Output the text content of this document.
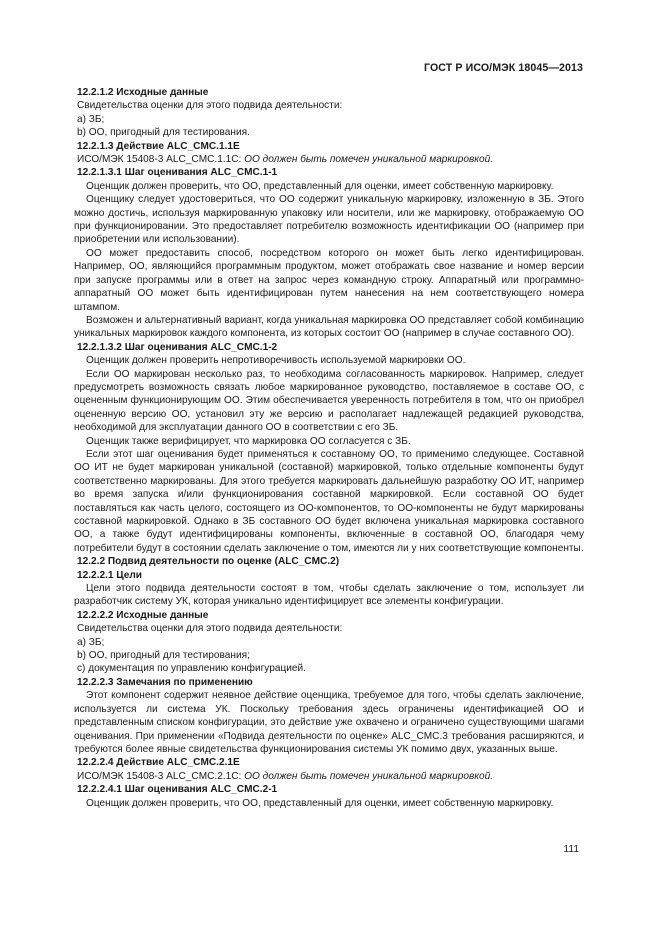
ГОСТ Р ИСО/МЭК 18045—2013

12.2.1.2 Исходные данные

Свидетельства оценки для этого подвида деятельности:

a) ЗБ;

b) ОО, пригодный для тестирования.

12.2.1.3 Действие ALC_CMC.1.1E

ИСО/МЭК 15408-3 ALC_CMC.1.1C: ОО должен быть помечен уникальной маркировкой.

12.2.1.3.1 Шаг оценивания ALC_CMC.1-1

Оценщик должен проверить, что ОО, представленный для оценки, имеет собственную маркировку.

Оценщику следует удостовериться, что ОО содержит уникальную маркировку, изложенную в ЗБ. Этого можно достичь, используя маркированную упаковку или носители, или же маркировку, отображаемую ОО при функционировании. Это предоставляет потребителю возможность идентификации ОО (например при приобретении или использовании).

ОО может предоставить способ, посредством которого он может быть легко идентифицирован. Например, ОО, являющийся программным продуктом, может отображать свое название и номер версии при запуске программы или в ответ на запрос через командную строку. Аппаратный или программно-аппаратный ОО может быть идентифицирован путем нанесения на нем соответствующего номера штампом.

Возможен и альтернативный вариант, когда уникальная маркировка ОО представляет собой комбинацию уникальных маркировок каждого компонента, из которых состоит ОО (например в случае составного ОО).

12.2.1.3.2 Шаг оценивания ALC_CMC.1-2

Оценщик должен проверить непротиворечивость используемой маркировки ОО.

Если ОО маркирован несколько раз, то необходима согласованность маркировок. Например, следует предусмотреть возможность связать любое маркированное руководство, поставляемое в составе ОО, с оцененным функционирующим ОО. Этим обеспечивается уверенность потребителя в том, что он приобрел оцененную версию ОО, установил эту же версию и располагает надлежащей редакцией руководства, необходимой для эксплуатации данного ОО в соответствии с его ЗБ.

Оценщик также верифицирует, что маркировка ОО согласуется с ЗБ.

Если этот шаг оценивания будет применяться к составному ОО, то применимо следующее. Составной ОО ИТ не будет маркирован уникальной (составной) маркировкой, только отдельные компоненты будут соответственно маркированы. Для этого требуется маркировать дальнейшую разработку ОО ИТ, например во время запуска и/или функционирования составной маркировкой. Если составной ОО будет поставляться как часть целого, состоящего из ОО-компонентов, то ОО-компоненты не будут маркированы составной маркировкой. Однако в ЗБ составного ОО будет включена уникальная маркировка составного ОО, а также будут идентифицированы компоненты, включенные в составной ОО, благодаря чему потребители будут в состоянии сделать заключение о том, имеются ли у них соответствующие компоненты.

12.2.2 Подвид деятельности по оценке (ALC_CMC.2)

12.2.2.1 Цели

Цели этого подвида деятельности состоят в том, чтобы сделать заключение о том, использует ли разработчик систему УК, которая уникально идентифицирует все элементы конфигурации.

12.2.2.2 Исходные данные

Свидетельства оценки для этого подвида деятельности:

a) ЗБ;

b) ОО, пригодный для тестирования;

c) документация по управлению конфигурацией.

12.2.2.3 Замечания по применению

Этот компонент содержит неявное действие оценщика, требуемое для того, чтобы сделать заключение, используется ли система УК. Поскольку требования здесь ограничены идентификацией ОО и представленным списком конфигурации, это действие уже охвачено и ограничено существующими шагами оценивания. При применении «Подвида деятельности по оценке» ALC_CMC.3 требования расширяются, и требуются более явные свидетельства функционирования системы УК помимо двух, указанных выше.

12.2.2.4 Действие ALC_CMC.2.1E

ИСО/МЭК 15408-3 ALC_CMC.2.1C: ОО должен быть помечен уникальной маркировкой.

12.2.2.4.1 Шаг оценивания ALC_CMC.2-1

Оценщик должен проверить, что ОО, представленный для оценки, имеет собственную маркировку.

111
